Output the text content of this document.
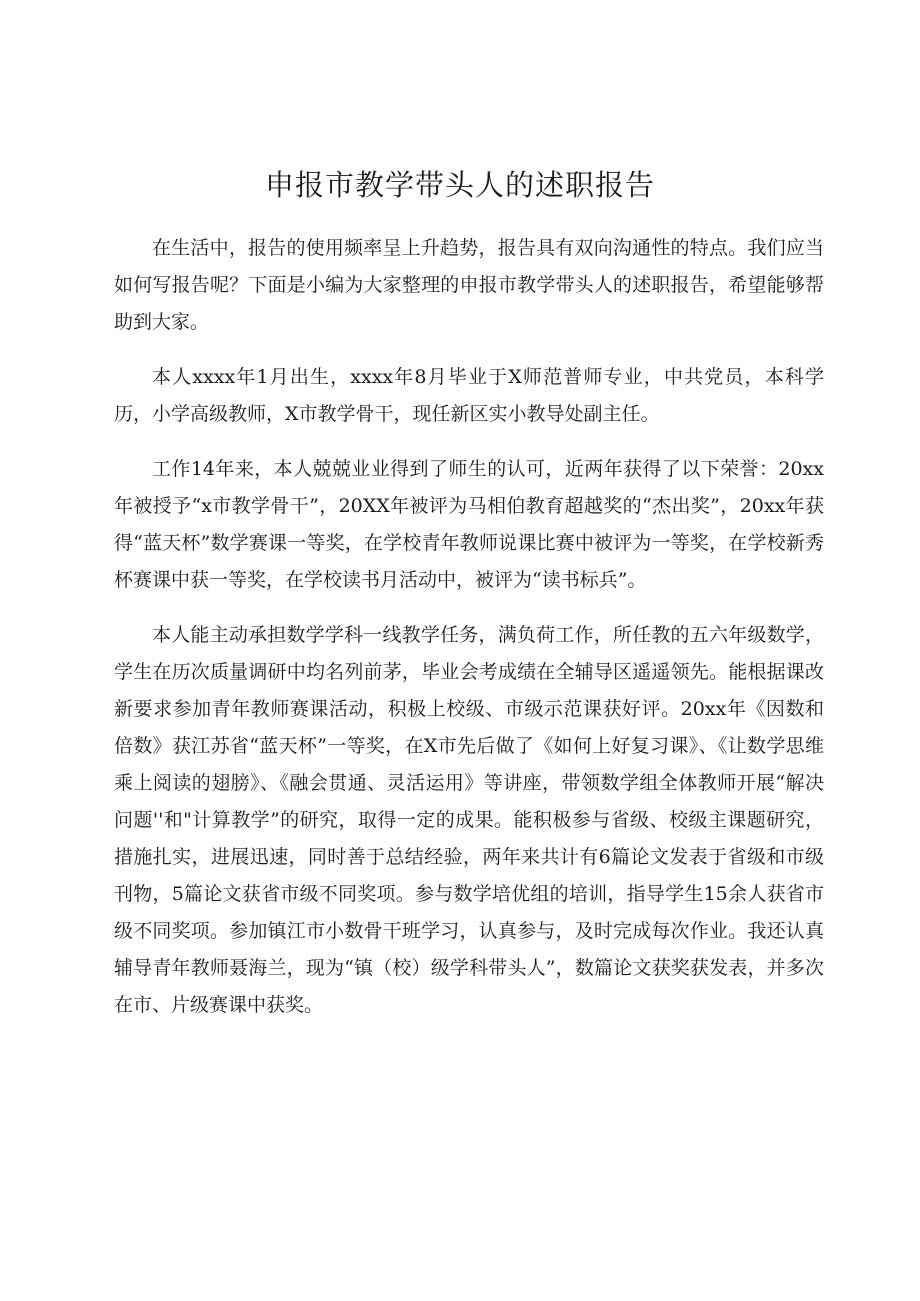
申报市教学带头人的述职报告

在生活中，报告的使用频率呈上升趋势，报告具有双向沟通性的特点。我们应当如何写报告呢？下面是小编为大家整理的申报市教学带头人的述职报告，希望能够帮助到大家。

本人xxxx年1月出生，xxxx年8月毕业于X师范普师专业，中共党员，本科学历，小学高级教师，X市教学骨干，现任新区实小教导处副主任。

工作14年来，本人兢兢业业得到了师生的认可，近两年获得了以下荣誉：20xx年被授予“x市教学骨干”，20XX年被评为马相伯教育超越奖的“杰出奖”，20xx年获得“蓝天杯”数学赛课一等奖，在学校青年教师说课比赛中被评为一等奖，在学校新秀杯赛课中获一等奖，在学校读书月活动中，被评为“读书标兵”。

本人能主动承担数学学科一线教学任务，满负荷工作，所任教的五六年级数学，学生在历次质量调研中均名列前茅，毕业会考成绩在全辅导区遥遥领先。能根据课改新要求参加青年教师赛课活动，积极上校级、市级示范课获好评。20xx年《因数和倍数》获江苏省“蓝天杯”一等奖，在X市先后做了《如何上好复习课》、《让数学思维乘上阅读的翅膀》、《融会贯通、灵活运用》等讲座，带领数学组全体教师开展“解决问题''和"计算教学”的研究，取得一定的成果。能积极参与省级、校级主课题研究，措施扎实，进展迅速，同时善于总结经验，两年来共计有6篇论文发表于省级和市级刊物，5篇论文获省市级不同奖项。参与数学培优组的培训，指导学生15余人获省市级不同奖项。参加镇江市小数骨干班学习，认真参与，及时完成每次作业。我还认真辅导青年教师聂海兰，现为“镇（校）级学科带头人”，数篇论文获奖获发表，并多次在市、片级赛课中获奖。
